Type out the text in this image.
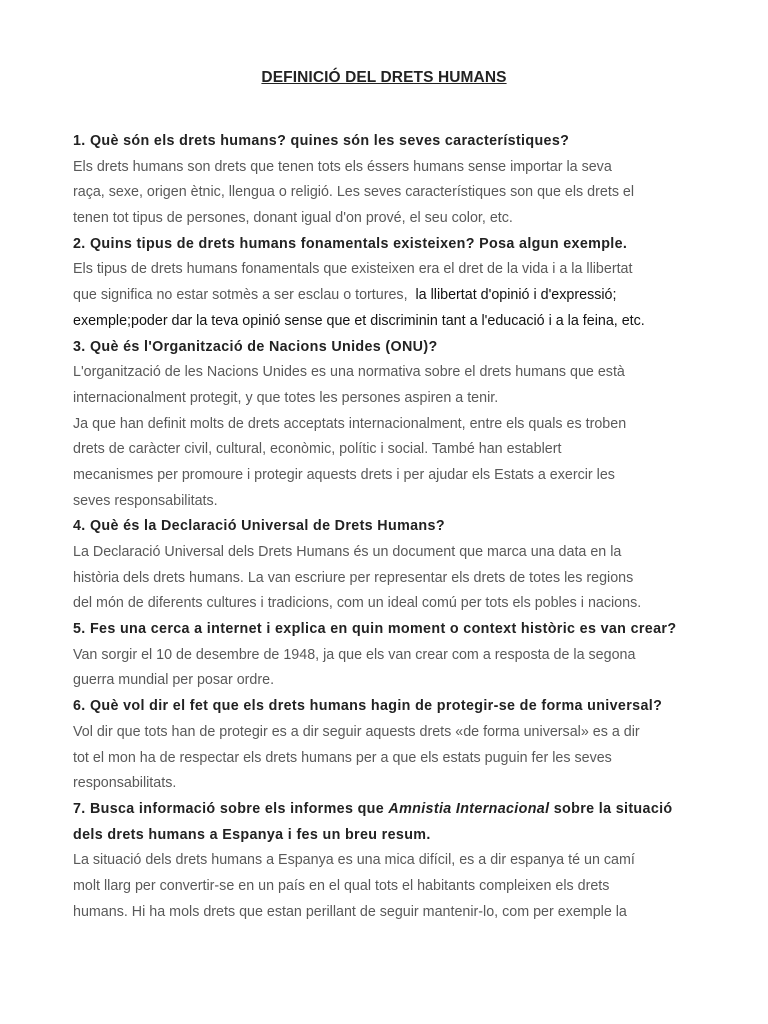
DEFINICIÓ DEL DRETS HUMANS
1. Què són els drets humans? quines són les seves característiques?
Els drets humans son drets que tenen tots els éssers humans sense importar la seva
raça, sexe, origen ètnic, llengua o religió. Les seves característiques son que els drets el
tenen tot tipus de persones, donant igual d'on prové, el seu color, etc.
2. Quins tipus de drets humans fonamentals existeixen? Posa algun exemple.
Els tipus de drets humans fonamentals que existeixen era el dret de la vida i a la llibertat
que significa no estar sotmès a ser esclau o tortures,  la llibertat d'opinió i d'expressió;
exemple;poder dar la teva opinió sense que et discriminin tant a l'educació i a la feina, etc.
3. Què és l'Organització de Nacions Unides (ONU)?
L'organització de les Nacions Unides es una normativa sobre el drets humans que està
internacionalment protegit, y que totes les persones aspiren a tenir.
Ja que han definit molts de drets acceptats internacionalment, entre els quals es troben
drets de caràcter civil, cultural, econòmic, polític i social. També han establert
mecanismes per promoure i protegir aquests drets i per ajudar els Estats a exercir les
seves responsabilitats.
4. Què és la Declaració Universal de Drets Humans?
La Declaració Universal dels Drets Humans és un document que marca una data en la
història dels drets humans. La van escriure per representar els drets de totes les regions
del món de diferents cultures i tradicions, com un ideal comú per tots els pobles i nacions.
5. Fes una cerca a internet i explica en quin moment o context històric es van crear?
Van sorgir el 10 de desembre de 1948, ja que els van crear com a resposta de la segona
guerra mundial per posar ordre.
6. Què vol dir el fet que els drets humans hagin de protegir-se de forma universal?
Vol dir que tots han de protegir es a dir seguir aquests drets «de forma universal» es a dir
tot el mon ha de respectar els drets humans per a que els estats puguin fer les seves
responsabilitats.
7. Busca informació sobre els informes que Amnistia Internacional sobre la situació
dels drets humans a Espanya i fes un breu resum.
La situació dels drets humans a Espanya es una mica difícil, es a dir espanya té un camí
molt llarg per convertir-se en un país en el qual tots el habitants compleixen els drets
humans. Hi ha mols drets que estan perillant de seguir mantenir-lo, com per exemple la
